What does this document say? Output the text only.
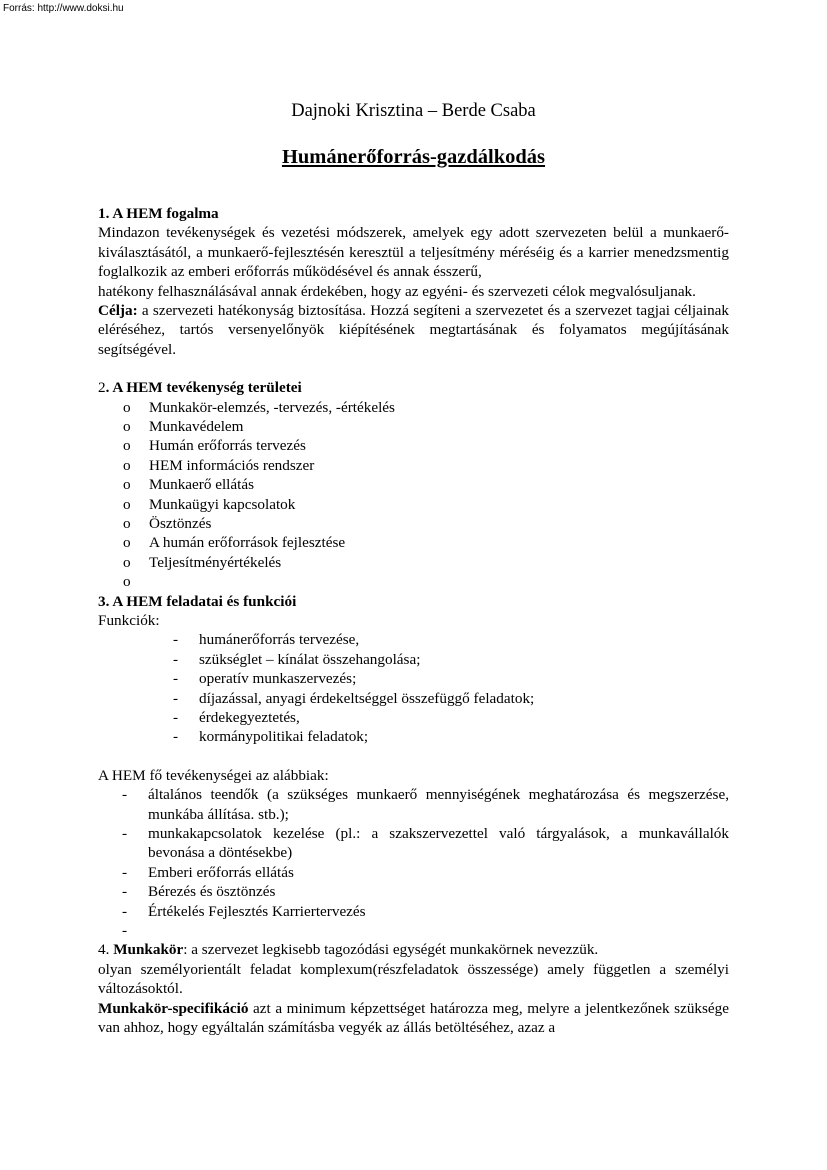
Forrás: http://www.doksi.hu
Dajnoki Krisztina – Berde Csaba
Humánerőforrás-gazdálkodás

1. A HEM fogalma

Mindazon tevékenységek és vezetési módszerek, amelyek egy adott szervezeten belül a munkaerő-kiválasztásától, a munkaerő-fejlesztésén keresztül a teljesítmény méréséig és a karrier menedzsmentig foglalkozik az emberi erőforrás működésével és annak ésszerű,

hatékony felhasználásával annak érdekében, hogy az egyéni- és szervezeti célok megvalósuljanak.

Célja: a szervezeti hatékonyság biztosítása. Hozzá segíteni a szervezetet és a szervezet tagjai céljainak eléréséhez, tartós versenyelőnyök kiépítésének megtartásának és folyamatos megújításának segítségével.

2. A HEM tevékenység területei

o Munkakör-elemzés, -tervezés, -értékelés
o Munkavédelem
o Humán erőforrás tervezés
o HEM információs rendszer
o Munkaerő ellátás
o Munkaügyi kapcsolatok
o Ösztönzés
o A humán erőforrások fejlesztése
o Teljesítményértékelés
o

3. A HEM feladatai és funkciói

Funkciók:

- humánerőforrás tervezése,
- szükséglet – kínálat összehangolása;
- operatív munkaszervezés;
- díjazással, anyagi érdekeltséggel összefüggő feladatok;
- érdekegyeztetés,
- kormánypolitikai feladatok;

A HEM fő tevékenységei az alábbiak:

- általános teendők (a szükséges munkaerő mennyiségének meghatározása és megszerzése, munkába állítása. stb.);
- munkakapcsolatok kezelése (pl.: a szakszervezettel való tárgyalások, a munkavállalók bevonása a döntésekbe)
- Emberi erőforrás ellátás
- Bérezés és ösztönzés
- Értékelés Fejlesztés Karriertervezés
-

4. Munkakör: a szervezet legkisebb tagozódási egységét munkakörnek nevezzük.

olyan személyorientált feladat komplexum(részfeladatok összessége) amely független a személyi változásoktól.

Munkakör-specifikáció azt a minimum képzettséget határozza meg, melyre a jelentkezőnek szüksége van ahhoz, hogy egyáltalán számításba vegyék az állás betöltéséhez, azaz a
